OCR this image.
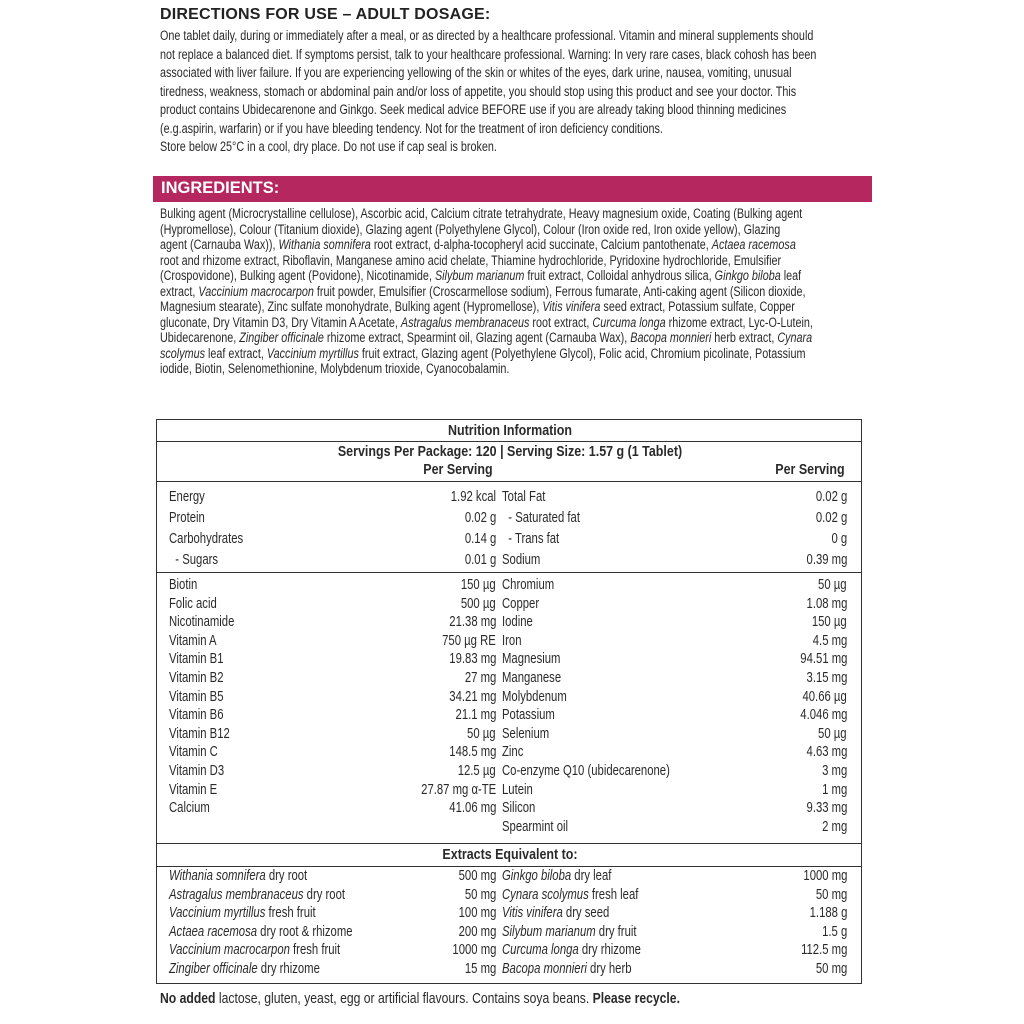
DIRECTIONS FOR USE – ADULT DOSAGE:
One tablet daily, during or immediately after a meal, or as directed by a healthcare professional. Vitamin and mineral supplements should
not replace a balanced diet. If symptoms persist, talk to your healthcare professional. Warning: In very rare cases, black cohosh has been
associated with liver failure. If you are experiencing yellowing of the skin or whites of the eyes, dark urine, nausea, vomiting, unusual
tiredness, weakness, stomach or abdominal pain and/or loss of appetite, you should stop using this product and see your doctor. This
product contains Ubidecarenone and Ginkgo. Seek medical advice BEFORE use if you are already taking blood thinning medicines
(e.g.aspirin, warfarin) or if you have bleeding tendency. Not for the treatment of iron deficiency conditions.
Store below 25°C in a cool, dry place. Do not use if cap seal is broken.
INGREDIENTS:
Bulking agent (Microcrystalline cellulose), Ascorbic acid, Calcium citrate tetrahydrate, Heavy magnesium oxide, Coating (Bulking agent
(Hypromellose), Colour (Titanium dioxide), Glazing agent (Polyethylene Glycol), Colour (Iron oxide red, Iron oxide yellow), Glazing
agent (Carnauba Wax)), Withania somnifera root extract, d-alpha-tocopheryl acid succinate, Calcium pantothenate, Actaea racemosa
root and rhizome extract, Riboflavin, Manganese amino acid chelate, Thiamine hydrochloride, Pyridoxine hydrochloride, Emulsifier
(Crospovidone), Bulking agent (Povidone), Nicotinamide, Silybum marianum fruit extract, Colloidal anhydrous silica, Ginkgo biloba leaf
extract, Vaccinium macrocarpon fruit powder, Emulsifier (Croscarmellose sodium), Ferrous fumarate, Anti-caking agent (Silicon dioxide,
Magnesium stearate), Zinc sulfate monohydrate, Bulking agent (Hypromellose), Vitis vinifera seed extract, Potassium sulfate, Copper
gluconate, Dry Vitamin D3, Dry Vitamin A Acetate, Astragalus membranaceus root extract, Curcuma longa rhizome extract, Lyc-O-Lutein,
Ubidecarenone, Zingiber officinale rhizome extract, Spearmint oil, Glazing agent (Carnauba Wax), Bacopa monnieri herb extract, Cynara
scolymus leaf extract, Vaccinium myrtillus fruit extract, Glazing agent (Polyethylene Glycol), Folic acid, Chromium picolinate, Potassium
iodide, Biotin, Selenomethionine, Molybdenum trioxide, Cyanocobalamin.
Nutrition Information
Servings Per Package: 120 | Serving Size: 1.57 g (1 Tablet)
Per Serving	Per Serving
Energy	1.92 kcal
Protein	0.02 g
Carbohydrates	0.14 g
- Sugars	0.01 g
Total Fat	0.02 g
- Saturated fat	0.02 g
- Trans fat	0 g
Sodium	0.39 mg
Biotin	150 µg
Folic acid	500 µg
Nicotinamide	21.38 mg
Vitamin A	750 µg RE
Vitamin B1	19.83 mg
Vitamin B2	27 mg
Vitamin B5	34.21 mg
Vitamin B6	21.1 mg
Vitamin B12	50 µg
Vitamin C	148.5 mg
Vitamin D3	12.5 µg
Vitamin E	27.87 mg α-TE
Calcium	41.06 mg
Chromium	50 µg
Copper	1.08 mg
Iodine	150 µg
Iron	4.5 mg
Magnesium	94.51 mg
Manganese	3.15 mg
Molybdenum	40.66 µg
Potassium	4.046 mg
Selenium	50 µg
Zinc	4.63 mg
Co-enzyme Q10 (ubidecarenone)	3 mg
Lutein	1 mg
Silicon	9.33 mg
Spearmint oil	2 mg
Extracts Equivalent to:
Withania somnifera dry root	500 mg
Astragalus membranaceus dry root	50 mg
Vaccinium myrtillus fresh fruit	100 mg
Actaea racemosa dry root & rhizome	200 mg
Vaccinium macrocarpon fresh fruit	1000 mg
Zingiber officinale dry rhizome	15 mg
Ginkgo biloba dry leaf	1000 mg
Cynara scolymus fresh leaf	50 mg
Vitis vinifera dry seed	1.188 g
Silybum marianum dry fruit	1.5 g
Curcuma longa dry rhizome	112.5 mg
Bacopa monnieri dry herb	50 mg
No added lactose, gluten, yeast, egg or artificial flavours. Contains soya beans. Please recycle.
